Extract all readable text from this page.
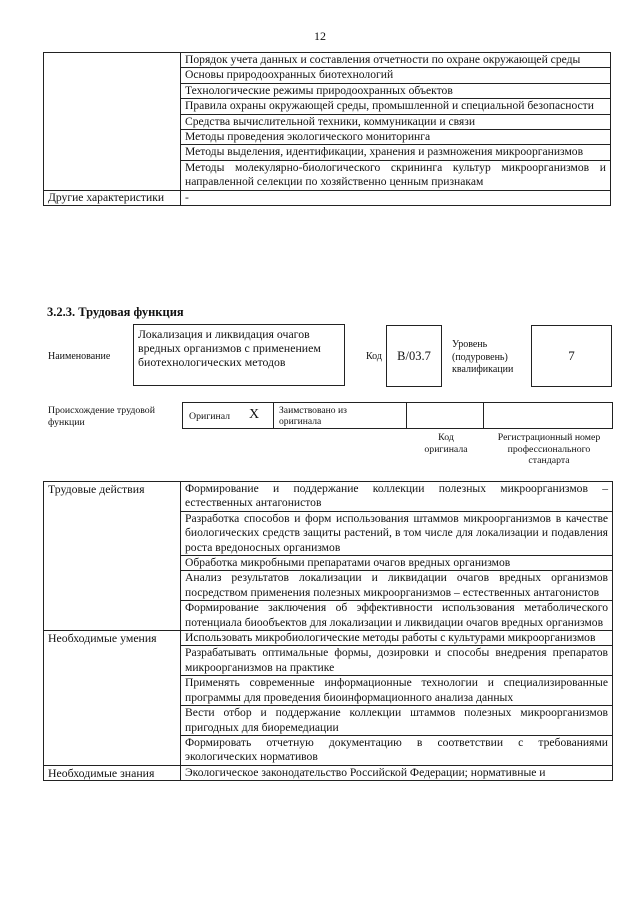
12
	Порядок учета данных и составления отчетности по охране окружающей среды
	Основы природоохранных биотехнологий
	Технологические режимы природоохранных объектов
	Правила охраны окружающей среды, промышленной и специальной безопасности
	Средства вычислительной техники, коммуникации и связи
	Методы проведения экологического мониторинга
	Методы выделения, идентификации, хранения и размножения микроорганизмов
	Методы молекулярно-биологического скрининга культур микроорганизмов и направленной селекции по хозяйственно ценным признакам
Другие характеристики	-
3.2.3. Трудовая функция
Наименование
Локализация и ликвидация очагов вредных организмов с применением биотехнологических методов	Код В/03.7
Уровень (подуровень) квалификации
7
Происхождение трудовой функции	Оригинал X Заимствовано из оригинала
Код оригинала
Регистрационный номер профессионального стандарта
Трудовые действия	Формирование и поддержание коллекции полезных микроорганизмов – естественных антагонистов
	Разработка способов и форм использования штаммов микроорганизмов в качестве биологических средств защиты растений, в том числе для локализации и подавления роста вредоносных организмов
	Обработка микробными препаратами очагов вредных организмов
	Анализ результатов локализации и ликвидации очагов вредных организмов посредством применения полезных микроорганизмов – естественных антагонистов
	Формирование заключения об эффективности использования метаболического потенциала биообъектов для локализации и ликвидации очагов вредных организмов
Необходимые умения	Использовать микробиологические методы работы с культурами микроорганизмов
	Разрабатывать оптимальные формы, дозировки и способы внедрения препаратов микроорганизмов на практике
	Применять современные информационные технологии и специализированные программы для проведения биоинформационного анализа данных
	Вести отбор и поддержание коллекции штаммов полезных микроорганизмов пригодных для биоремедиации
	Формировать отчетную документацию в соответствии с требованиями экологических нормативов
Необходимые знания	Экологическое законодательство Российской Федерации; нормативные и
